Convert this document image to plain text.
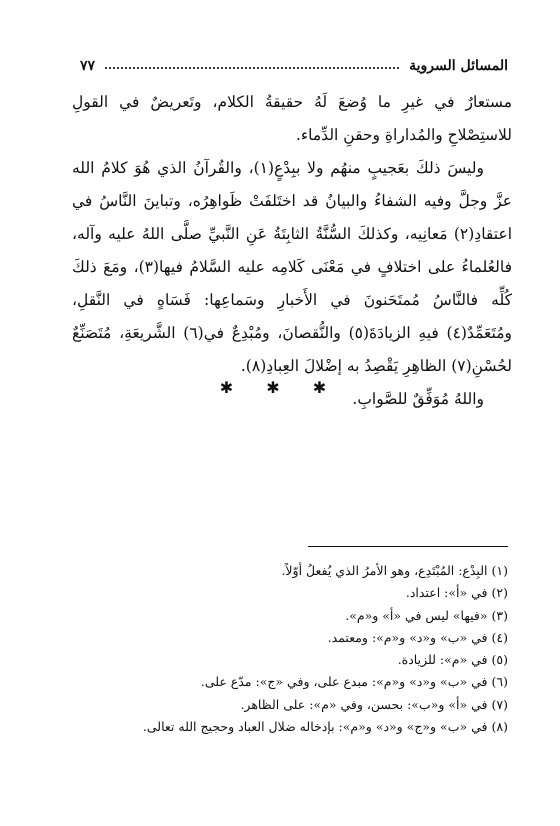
المسائل السروية
٧٧

مستعارٌ في غيرِ ما وُضعَ لَهُ حقيقةُ الكلام، وتَعريضٌ في القولِ للاستِصْلاحِ والمُداراةِ وحقنِ الدِّماء.

وليسَ ذلكَ بعَجيبٍ منهُم ولا ببِدْعٍ(١)، والقُرآنُ الذي هُوَ كلامُ الله عزَّ وجلَّ وفيه الشفاءُ والبيانُ قد اختَلفَتْ ظَواهِرُه، وتباينَ النَّاسُ في اعتقادِ(٢) مَعانِيه، وكذلكَ السُّنَّةُ الثابِتَةُ عَنِ النَّبيِّ صلَّى اللهُ عليه وآله، فالعُلماءُ على اختلافٍ في مَعْنَى كَلامِه عليه السَّلامُ فيها(٣)، ومَعَ ذلكَ كُلِّه فالنَّاسُ مُمتَحَنونَ في الأَخبارِ وسَماعِها: فَسَاهٍ في النَّقلِ، ومُتَعَمِّدٌ(٤) فيهِ الزيادَةَ(٥) والنُّقصانَ، ومُبْدِعٌ في(٦) الشَّريعَةِ، مُتَصَنِّعٌ لحُسْنِ(٧) الظاهِرِ يَقْصِدُ به إضْلالَ العِبادِ(٨).

واللهُ مُوَفِّقٌ للصَّوابِ.

✱ ✱ ✱
(١)البِدْع: المُبْتَدِع، وهو الأمرُ الذي يُفعلُ أوّلاً.
(٢)في «أ»: اعتداد.
(٣)«فيها» ليس في «أ» و«م».
(٤)في «ب» و«د» و«م»: ومعتمد.
(٥)في «م»: للزيادة.
(٦)في «ب» و«د» و«م»: مبدع على، وفي «ج»: مدّع على.
(٧)في «أ» و«ب»: بحسن، وفي «م»: على الظاهر.
(٨)في «ب» و«ج» و«د» و«م»: بإدخاله ضلال العباد وحجيج الله تعالى.
